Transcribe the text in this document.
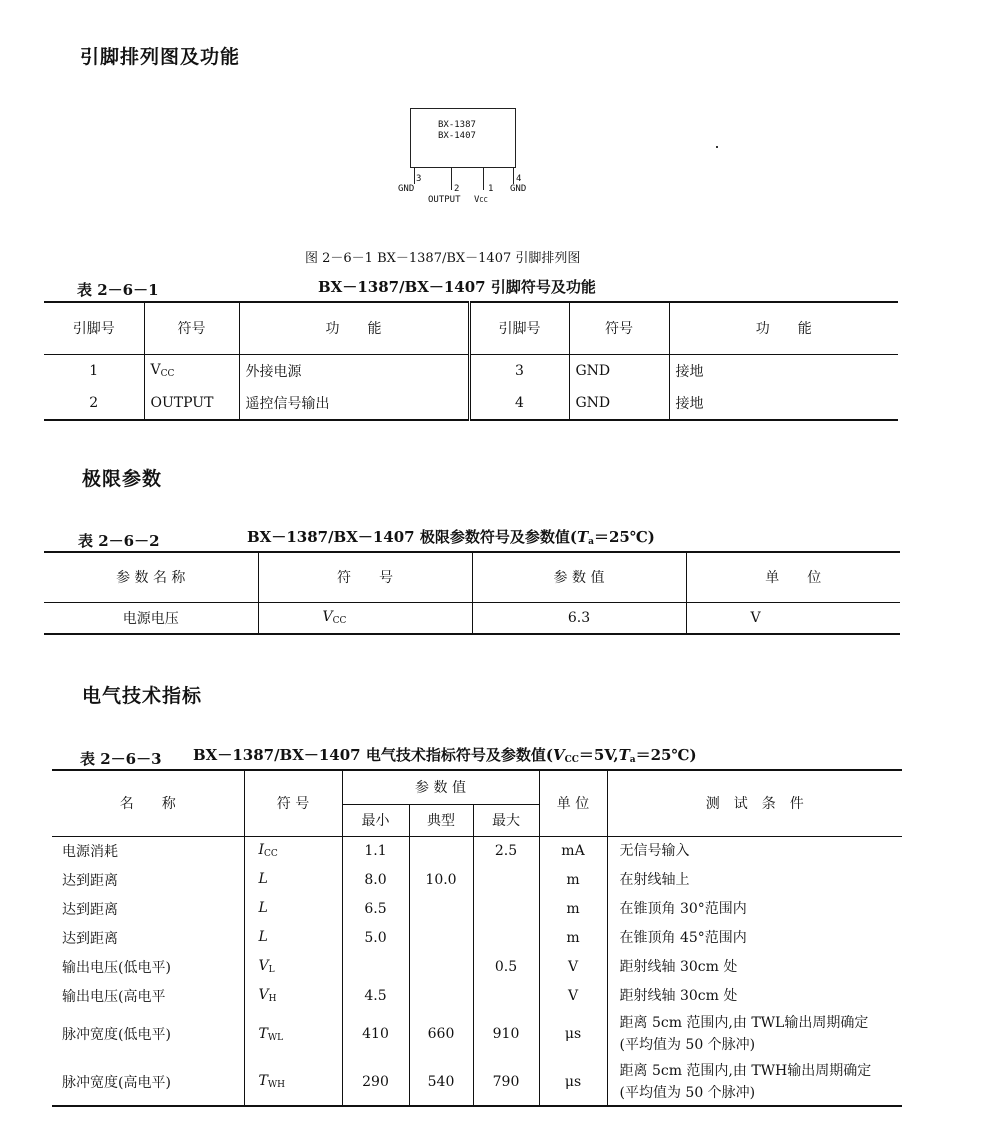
引脚排列图及功能
BX-1387
BX-1407
3
GND	2
OUTPUT
1
VCC
4
GND
图 2－6－1 BX－1387/BX－1407 引脚排列图
表 2－6－1	BX－1387/BX－1407 引脚符号及功能
引脚号	符号	功　　能	引脚号	符号	功　　能
1	$V_{CC}$	外接电源	3	GND	接地
2	OUTPUT	遥控信号输出	4	GND	接地
极限参数
表 2－6－2	BX－1387/BX－1407 极限参数符号及参数值$(T_a=25℃)$
参 数 名 称	符　　号	参 数 值	单　　位
电源电压	$V_{CC}$	6.3	V
电气技术指标
表 2－6－3 BX－1387/BX－1407 电气技术指标符号及参数值$(V_{CC}=5V,T_a=25℃)$
名　　称	符 号	参 数 值			单 位	测　试　条　件
		最小	典型	最大		
电源消耗	$I_{CC}$	1.1		2.5	mA	无信号输入

达到距离	L	8.0	10.0		m	在射线轴上

达到距离	L	6.5			m	在锥顶角 30°范围内

达到距离	L	5.0			m	在锥顶角 45°范围内

输出电压(低电平)	$V_L$			0.5	V	距射线轴 30cm 处

输出电压(高电平	$V_H$	4.5			V	距射线轴 30cm 处

脉冲宽度(低电平)	$T_{WL}$	410	660	910	μs	距离 5cm 范围内,由 TWL输出周期确定
(平均值为 50 个脉冲)

脉冲宽度(高电平)	$T_{WH}$	290	540	790	μs	距离 5cm 范围内,由 TWH输出周期确定
(平均值为 50 个脉冲)
